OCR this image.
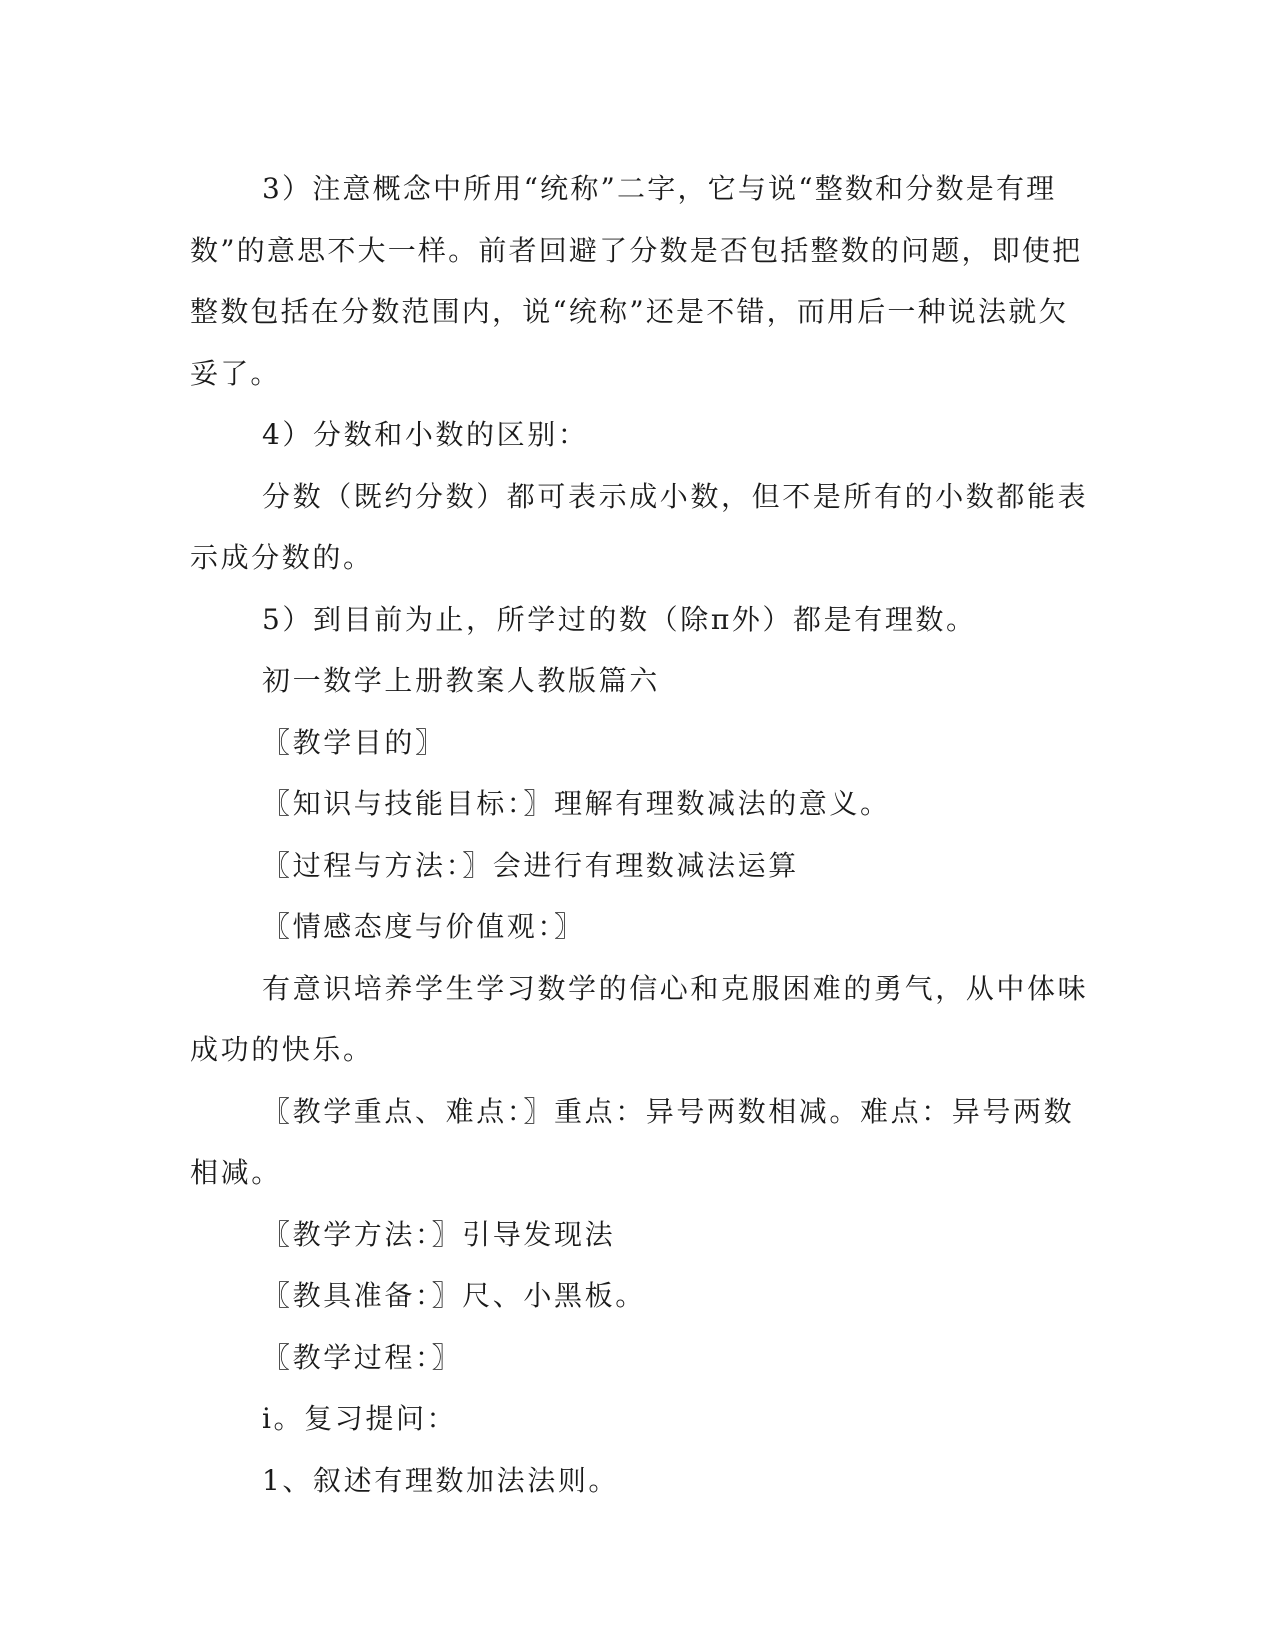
3）注意概念中所用“统称”二字，它与说“整数和分数是有理数”的意思不大一样。前者回避了分数是否包括整数的问题，即使把整数包括在分数范围内，说“统称”还是不错，而用后一种说法就欠妥了。

4）分数和小数的区别：

分数（既约分数）都可表示成小数，但不是所有的小数都能表示成分数的。

5）到目前为止，所学过的数（除π外）都是有理数。

初一数学上册教案人教版篇六

〖教学目的〗

〖知识与技能目标：〗理解有理数减法的意义。

〖过程与方法：〗会进行有理数减法运算

〖情感态度与价值观：〗

有意识培养学生学习数学的信心和克服困难的勇气，从中体味成功的快乐。

〖教学重点、难点：〗重点：异号两数相减。难点：异号两数相减。

〖教学方法：〗引导发现法

〖教具准备：〗尺、小黑板。

〖教学过程：〗

ⅰ。复习提问：

1、叙述有理数加法法则。
